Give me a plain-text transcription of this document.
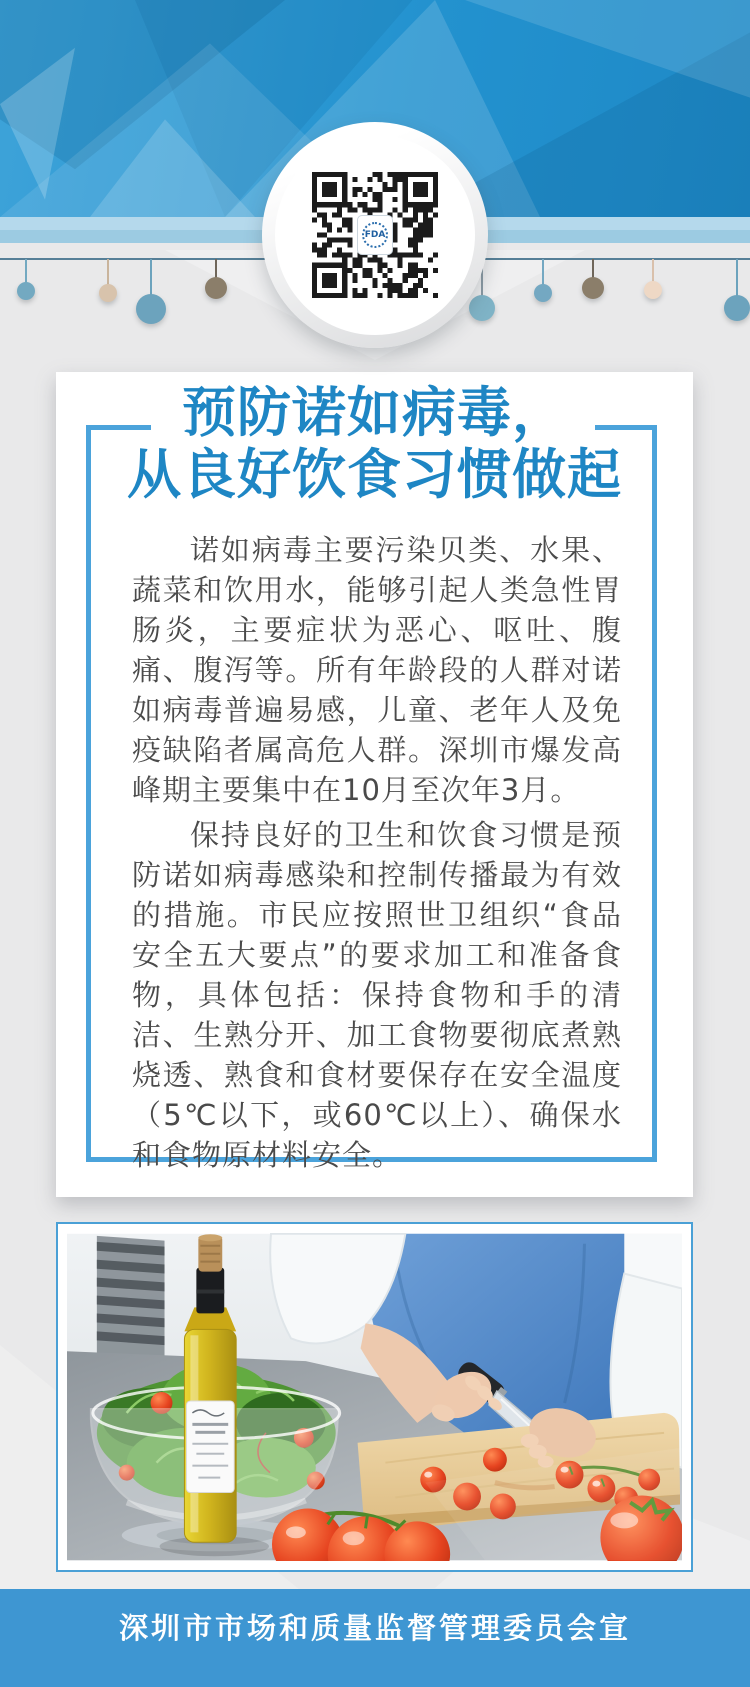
FDA
预防诺如病毒，
从良好饮食习惯做起

诺如病毒主要污染贝类、水果、蔬菜和饮用水，能够引起人类急性胃肠炎，主要症状为恶心、呕吐、腹痛、腹泻等。所有年龄段的人群对诺如病毒普遍易感，儿童、老年人及免疫缺陷者属高危人群。深圳市爆发高峰期主要集中在10月至次年3月。

保持良好的卫生和饮食习惯是预防诺如病毒感染和控制传播最为有效的措施。市民应按照世卫组织“食品安全五大要点”的要求加工和准备食物，具体包括：保持食物和手的清洁、生熟分开、加工食物要彻底煮熟烧透、熟食和食材要保存在安全温度（5℃以下，或60℃以上）、确保水和食物原材料安全。

深圳市市场和质量监督管理委员会宣
